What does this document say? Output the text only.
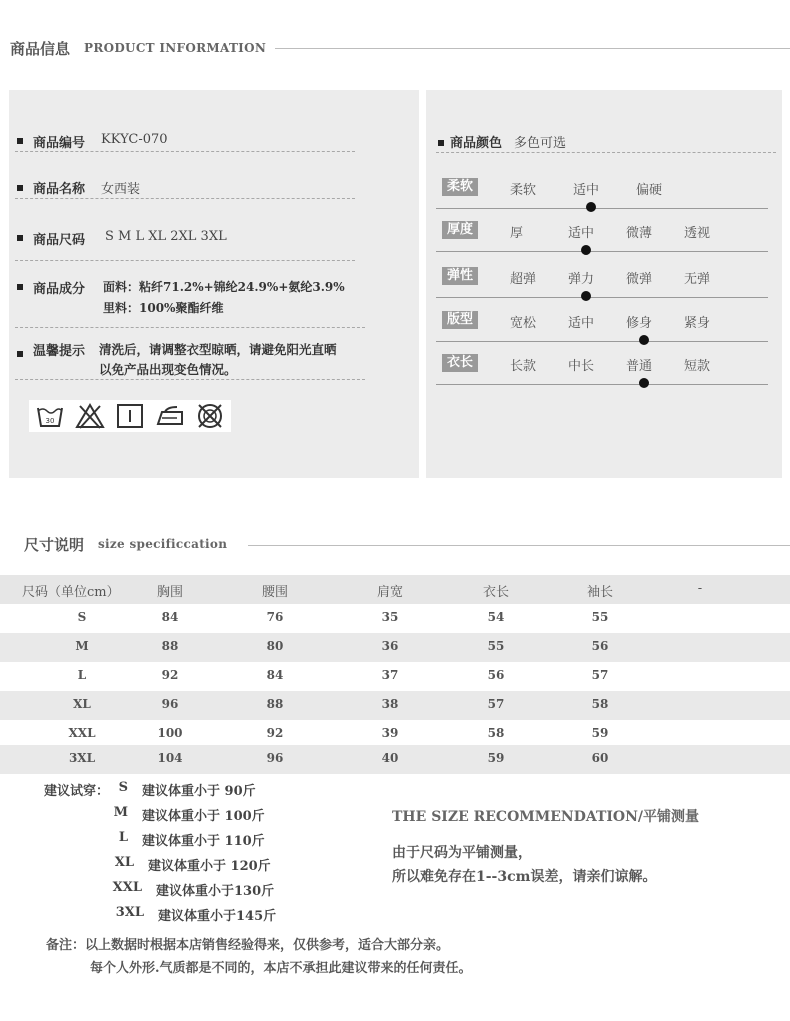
商品信息 PRODUCT INFORMATION
商品编号 KKYC-070
商品名称 女西装
商品尺码 S M L XL 2XL 3XL
商品成分 面料：粘纤71.2%+锦纶24.9%+氨纶3.9%
里料：100%聚酯纤维
温馨提示 清洗后，请调整衣型晾晒，请避免阳光直晒
以免产品出现变色情况。
30
商品颜色 多色可选
柔软	柔软	适中	偏硬
厚度	厚	适中 微薄 透视
弹性	超弹 弹力 微弹 无弹
版型	宽松 适中 修身 紧身
衣长	长款 中长 普通 短款
尺寸说明 size specificcation
尺码（单位cm）	胸围	腰围	肩宽	衣长	袖长	-
S	84	76	35	54	55
M	88	80	36	55	56
L	92	84	37	56	57
XL	96	88	38	57	58
XXL	100	92	39	58	59
3XL	104	96	40	59	60
建议试穿： S 建议体重小于 90斤
M 建议体重小于 100斤
L 建议体重小于 110斤
XL 建议体重小于 120斤
XXL 建议体重小于130斤
3XL 建议体重小于145斤
THE SIZE RECOMMENDATION/平铺测量
由于尺码为平铺测量，
所以难免存在1--3cm误差，请亲们谅解。
备注：以上数据时根据本店销售经验得来，仅供参考，适合大部分亲。
每个人外形.气质都是不同的，本店不承担此建议带来的任何责任。
